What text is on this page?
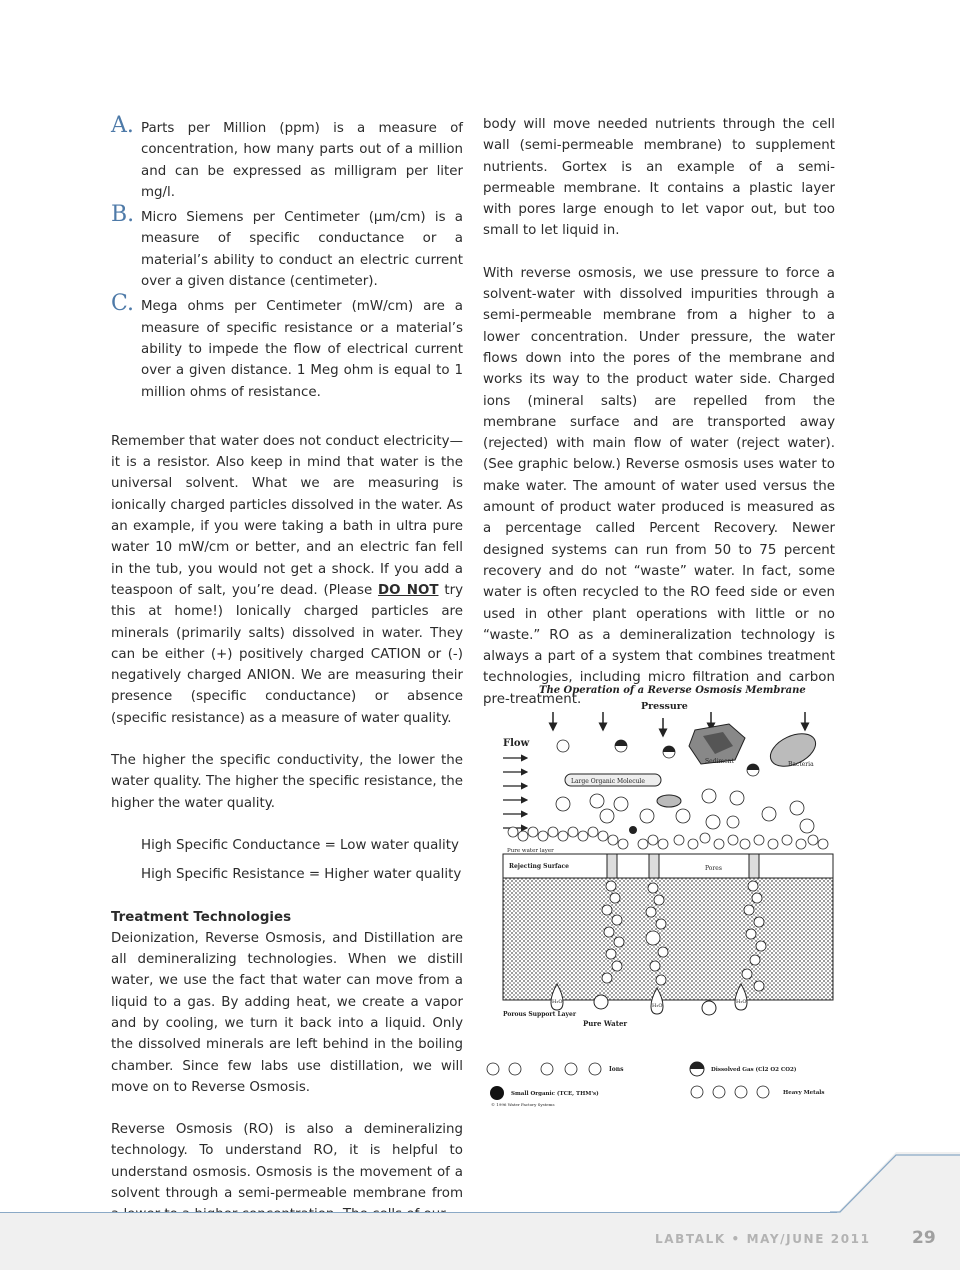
A. Parts per Million (ppm) is a measure of concentration, how many parts out of a million and can be expressed as milligram per liter mg/l.
B. Micro Siemens per Centimeter (µm/cm) is a measure of specific conductance or a material’s ability to conduct an electric current over a given distance (centimeter).
C. Mega ohms per Centimeter (mW/cm) are a measure of specific resistance or a material’s ability to impede the flow of electrical current over a given distance. 1 Meg ohm is equal to 1 million ohms of resistance.

Remember that water does not conduct electricity—it is a resistor. Also keep in mind that water is the universal solvent. What we are measuring is ionically charged particles dissolved in the water. As an example, if you were taking a bath in ultra pure water 10 mW/cm or better, and an electric fan fell in the tub, you would not get a shock. If you add a teaspoon of salt, you’re dead. (Please DO NOT try this at home!) Ionically charged particles are minerals (primarily salts) dissolved in water. They can be either (+) positively charged CATION or (-) negatively charged ANION. We are measuring their presence (specific conductance) or absence (specific resistance) as a measure of water quality.

The higher the specific conductivity, the lower the water quality. The higher the specific resistance, the higher the water quality.

High Specific Conductance = Low water quality

High Specific Resistance = Higher water quality

Treatment Technologies

Deionization, Reverse Osmosis, and Distillation are all demineralizing technologies. When we distill water, we use the fact that water can move from a liquid to a gas. By adding heat, we create a vapor and by cooling, we turn it back into a liquid. Only the dissolved minerals are left behind in the boiling chamber. Since few labs use distillation, we will move on to Reverse Osmosis.

Reverse Osmosis (RO) is also a demineralizing technology. To understand RO, it is helpful to understand osmosis. Osmosis is the movement of a solvent through a semi-permeable membrane from

body will move needed nutrients through the cell wall (semi-permeable membrane) to supplement nutrients. Gortex is an example of a semi-permeable membrane. It contains a plastic layer with pores large enough to let vapor out, but too small to let liquid in.

With reverse osmosis, we use pressure to force a solvent-water with dissolved impurities through a semi-permeable membrane from a higher to a lower concentration. Under pressure, the water flows down into the pores of the membrane and works its way to the product water side. Charged ions (mineral salts) are repelled from the membrane surface and are transported away (rejected) with main flow of water (reject water). (See graphic below.) Reverse osmosis uses water to make water. The amount of water used versus the amount of product water produced is measured as a percentage called Percent Recovery. Newer designed systems can run from 50 to 75 percent recovery and do not “waste” water. In fact, some water is often recycled to the RO feed side or even used in other plant operations with little or no “waste.” RO as a demineralization technology is always a part of a system that combines treatment technologies, including micro filtration and carbon pre-treatment.

The Operation of a Reverse Osmosis Membrane
Pressure
Flow
Sediment	Bacteria
Large Organic Molecule
Pure water layer
Rejecting Surface	Pores
H₂O
H₂O
H₂O
Porous Support Layer
Pure Water
Ions	Dissolved Gas (Cl2 O2 CO2)
Small Organic (TCE, THM's)	Heavy Metals
© 1996 Water Factory Systems
LABTALK • MAY/JUNE 2011 29
